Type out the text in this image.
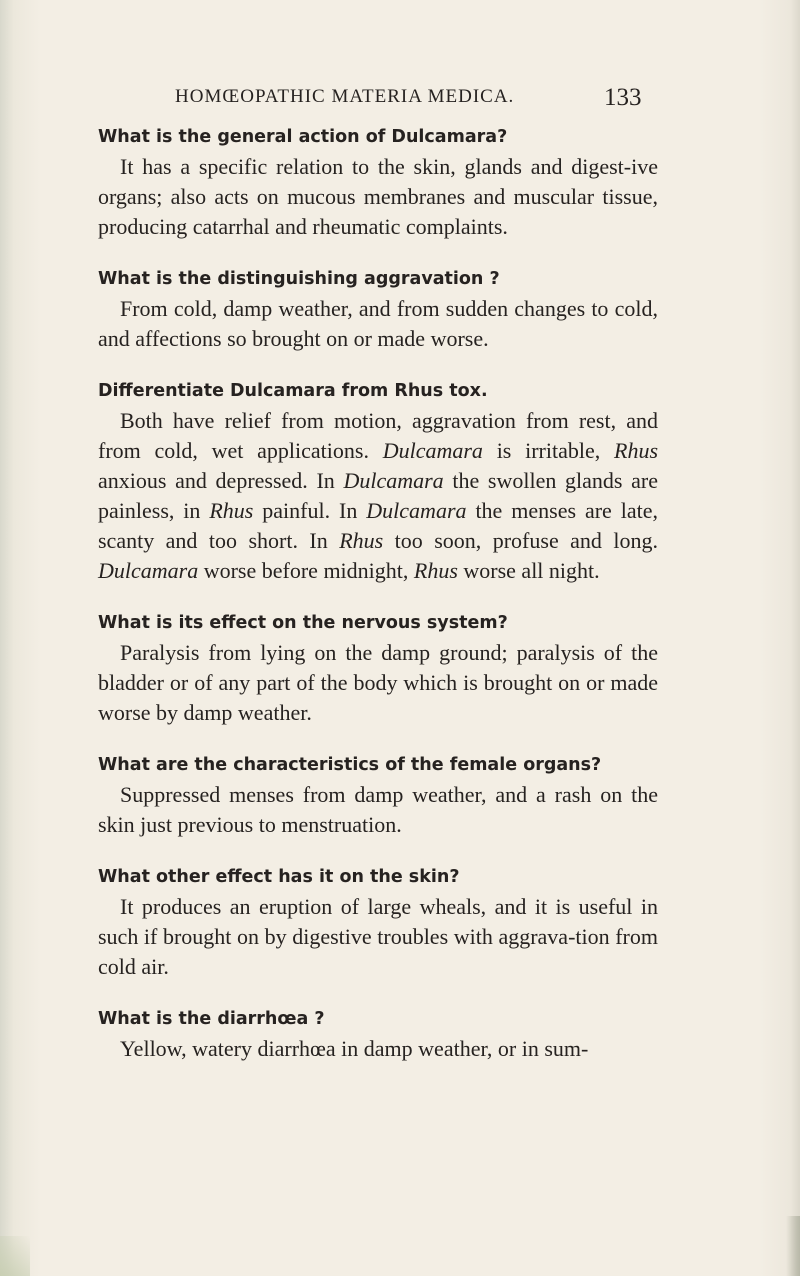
HOMŒOPATHIC MATERIA MEDICA.	133

What is the general action of Dulcamara?

It has a specific relation to the skin, glands and digest-ive organs; also acts on mucous membranes and muscular tissue, producing catarrhal and rheumatic complaints.

What is the distinguishing aggravation ?

From cold, damp weather, and from sudden changes to cold, and affections so brought on or made worse.

Differentiate Dulcamara from Rhus tox.

Both have relief from motion, aggravation from rest, and from cold, wet applications. Dulcamara is irritable, Rhus anxious and depressed. In Dulcamara the swollen glands are painless, in Rhus painful. In Dulcamara the menses are late, scanty and too short. In Rhus too soon, profuse and long. Dulcamara worse before midnight, Rhus worse all night.

What is its effect on the nervous system?

Paralysis from lying on the damp ground; paralysis of the bladder or of any part of the body which is brought on or made worse by damp weather.

What are the characteristics of the female organs?

Suppressed menses from damp weather, and a rash on the skin just previous to menstruation.

What other effect has it on the skin?

It produces an eruption of large wheals, and it is useful in such if brought on by digestive troubles with aggrava-tion from cold air.

What is the diarrhœa ?

Yellow, watery diarrhœa in damp weather, or in sum-
